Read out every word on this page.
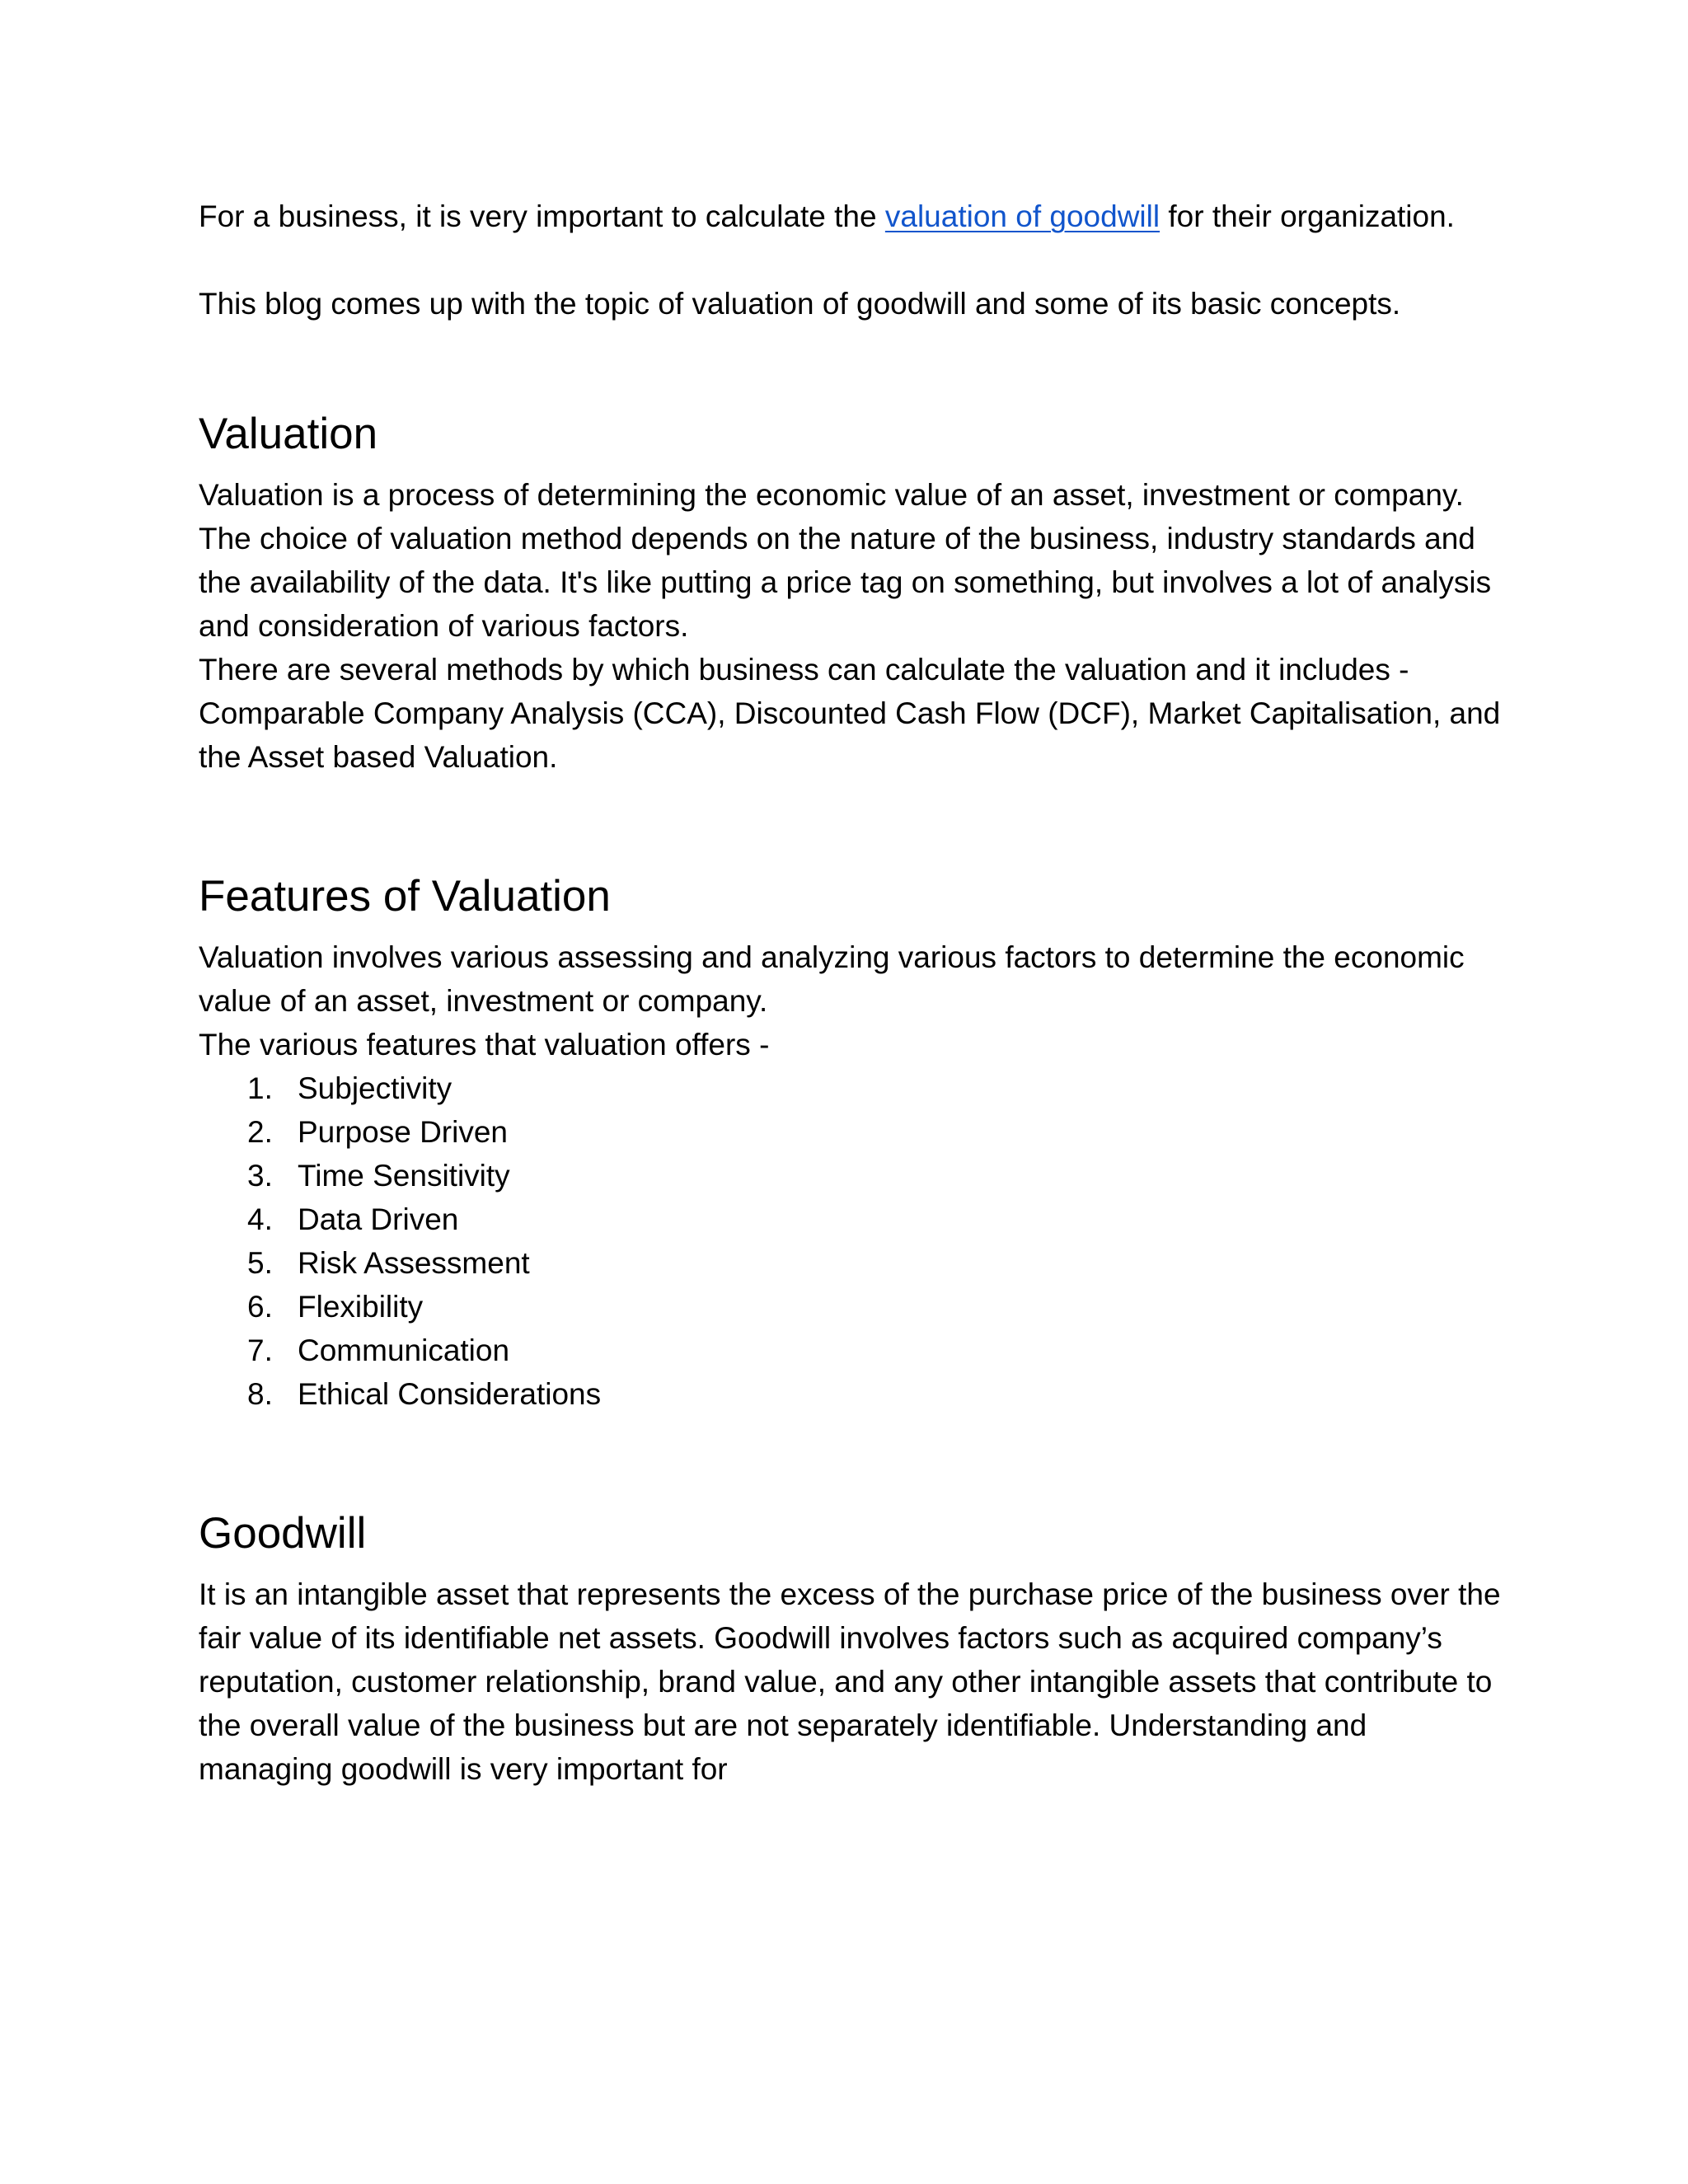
For a business, it is very important to calculate the valuation of goodwill for their organization.

This blog comes up with the topic of valuation of goodwill and some of its basic concepts.

Valuation

Valuation is a process of determining the economic value of an asset, investment or company. The choice of valuation method depends on the nature of the business, industry standards and the availability of the data. It's like putting a price tag on something, but involves a lot of analysis and consideration of various factors.

There are several methods by which business can calculate the valuation and it includes - Comparable Company Analysis (CCA), Discounted Cash Flow (DCF), Market Capitalisation, and the Asset based Valuation.

Features of Valuation

Valuation involves various assessing and analyzing various factors to determine the economic value of an asset, investment or company.

The various features that valuation offers -

1. Subjectivity
2. Purpose Driven
3. Time Sensitivity
4. Data Driven
5. Risk Assessment
6. Flexibility
7. Communication
8. Ethical Considerations
Goodwill

It is an intangible asset that represents the excess of the purchase price of the business over the fair value of its identifiable net assets. Goodwill involves factors such as acquired company’s reputation, customer relationship, brand value, and any other intangible assets that contribute to the overall value of the business but are not separately identifiable. Understanding and managing goodwill is very important for
